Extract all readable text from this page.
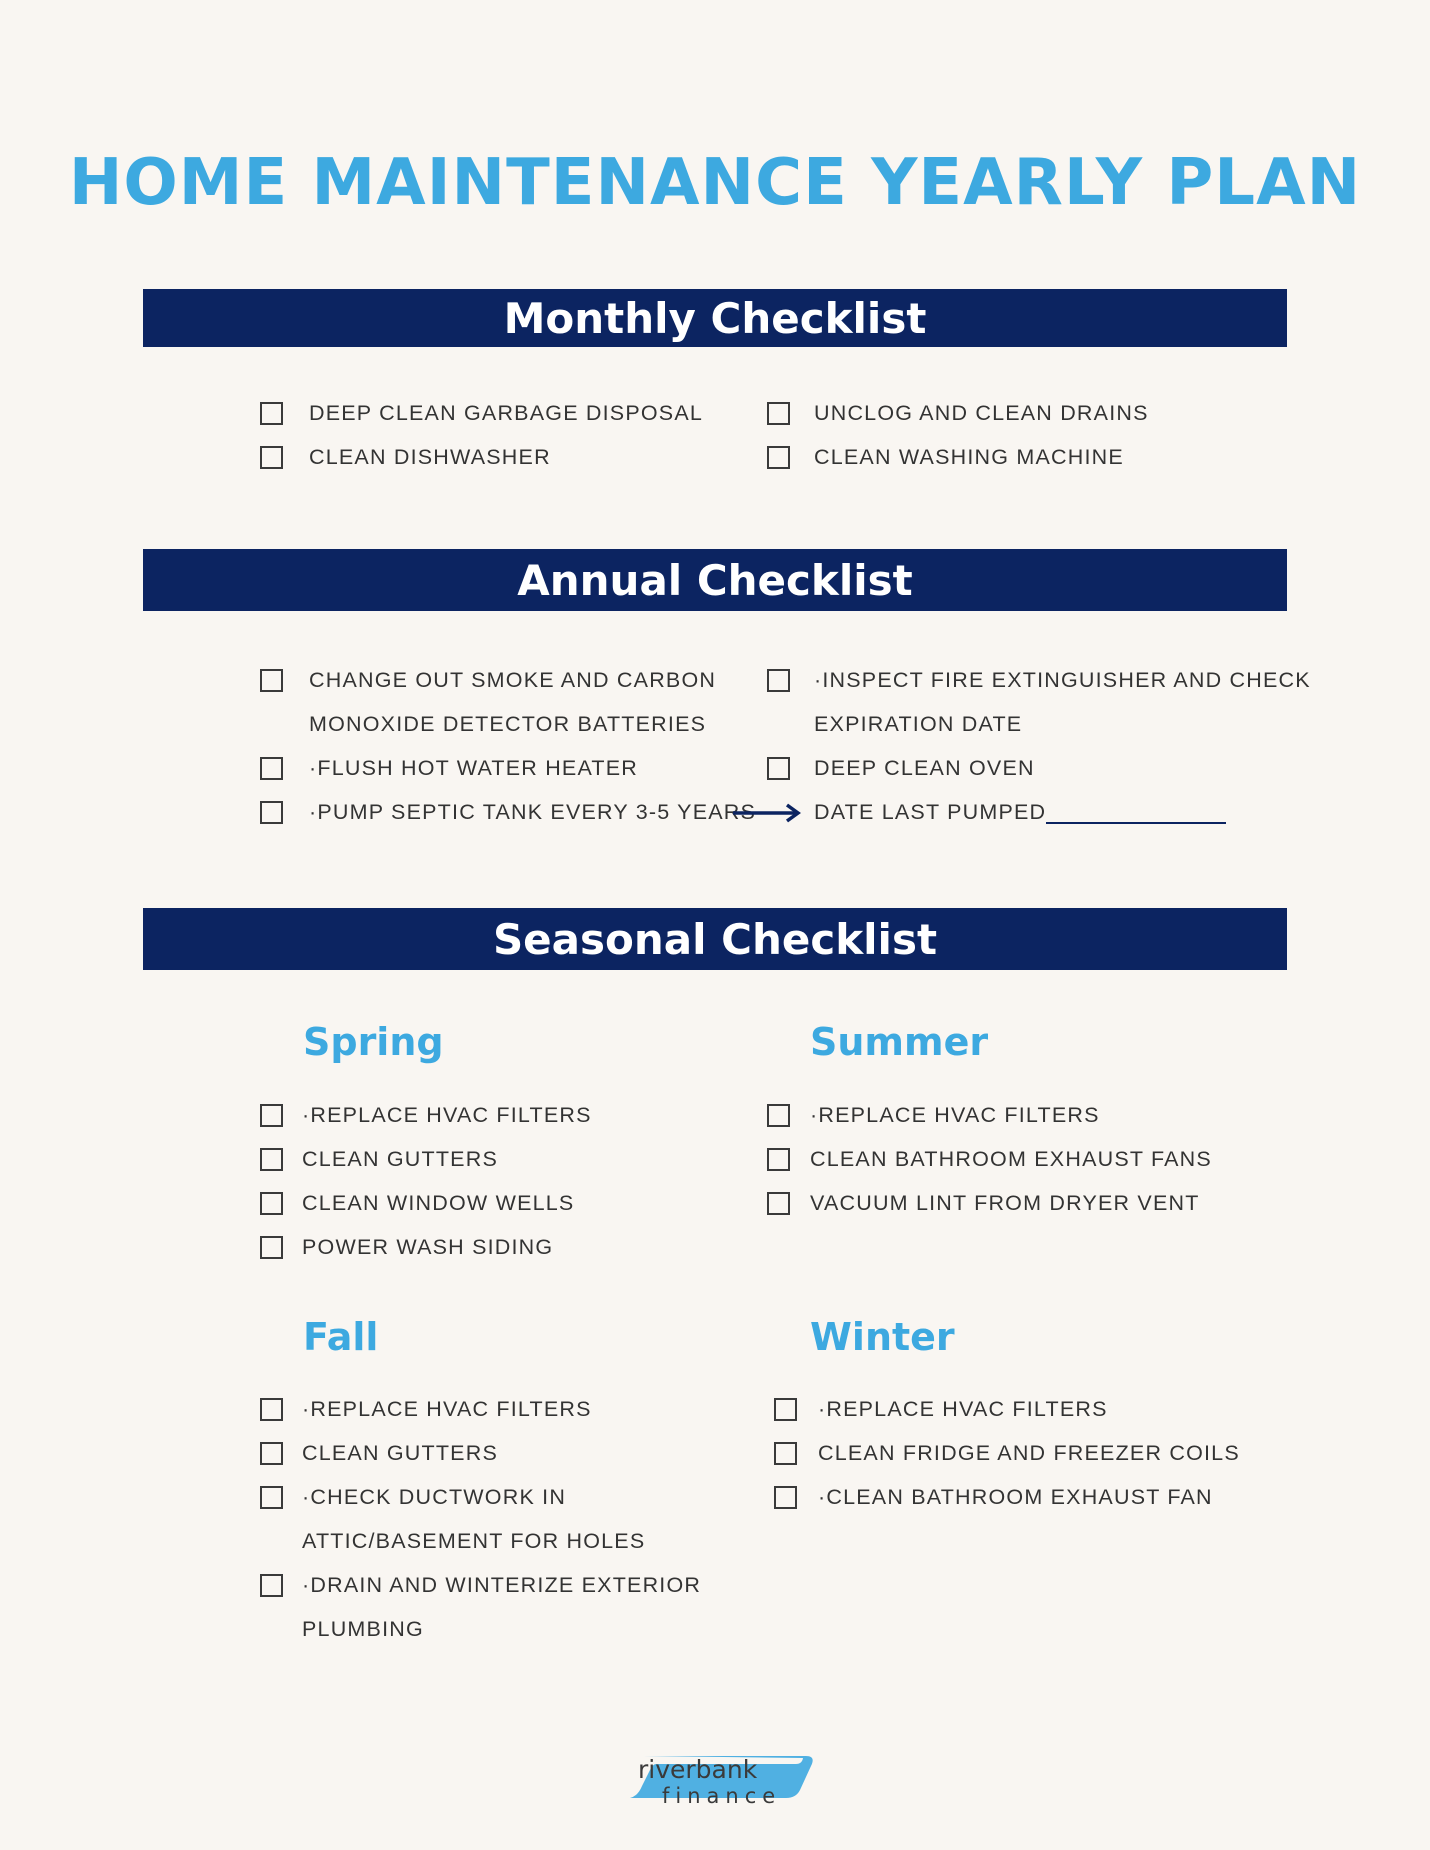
HOME MAINTENANCE YEARLY PLAN
Monthly Checklist
DEEP CLEAN GARBAGE DISPOSAL
CLEAN DISHWASHER
UNCLOG AND CLEAN DRAINS
CLEAN WASHING MACHINE
Annual Checklist
CHANGE OUT SMOKE AND CARBON
MONOXIDE DETECTOR BATTERIES
·FLUSH HOT WATER HEATER
·PUMP SEPTIC TANK EVERY 3-5 YEARS
·INSPECT FIRE EXTINGUISHER AND CHECK
EXPIRATION DATE
DEEP CLEAN OVEN
DATE LAST PUMPED
Seasonal Checklist
Spring
·REPLACE HVAC FILTERS
CLEAN GUTTERS
CLEAN WINDOW WELLS
POWER WASH SIDING
Summer
·REPLACE HVAC FILTERS
CLEAN BATHROOM EXHAUST FANS
VACUUM LINT FROM DRYER VENT
Fall
·REPLACE HVAC FILTERS
CLEAN GUTTERS
·CHECK DUCTWORK IN
ATTIC/BASEMENT FOR HOLES
·DRAIN AND WINTERIZE EXTERIOR
PLUMBING
Winter
·REPLACE HVAC FILTERS
CLEAN FRIDGE AND FREEZER COILS
·CLEAN BATHROOM EXHAUST FAN
riverbank
finance
